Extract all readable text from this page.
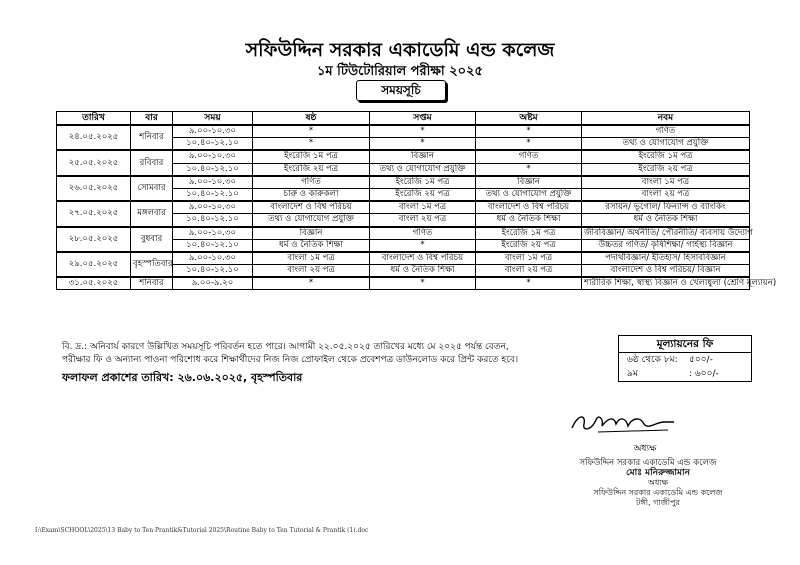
সফিউদ্দিন সরকার একাডেমি এন্ড কলেজ
১ম টিউটোরিয়াল পরীক্ষা ২০২৫
সময়সূচি
তারিখ	বার	সময়	ষষ্ঠ	সপ্তম	অষ্টম	নবম
২৪.০৫.২০২৫	শনিবার	৯.০০-১০.৩০	*	*	*	গণিত
		১০.৪০-১২.১০	*	*	*	তথ্য ও যোগাযোগ প্রযুক্তি
২৫.০৫.২০২৫	রবিবার	৯.০০-১০.৩০	ইংরেজি ১ম পত্র	বিজ্ঞান	গণিত	ইংরেজি ১ম পত্র
		১০.৪০-১২.১০	ইংরেজি ২য় পত্র	তথ্য ও যোগাযোগ প্রযুক্তি	*	ইংরেজি ২য় পত্র
২৬.০৫.২০২৫	সোমবার	৯.০০-১০.৩০	গণিত	ইংরেজি ১ম পত্র	বিজ্ঞান	বাংলা ১ম পত্র
		১০.৪০-১২.১০	চারু ও কারুকলা	ইংরেজি ২য় পত্র	তথ্য ও যোগাযোগ প্রযুক্তি	বাংলা ২য় পত্র
২৭.০৫.২০২৫	মঙ্গলবার	৯.০০-১০.৩০	বাংলাদেশ ও বিশ্ব পরিচয়	বাংলা ১ম পত্র	বাংলাদেশ ও বিশ্ব পরিচয়	রসায়ন/ ভূগোল/ ফিন্যান্স ও ব্যাংকিং
		১০.৪০-১২.১০	তথ্য ও যোগাযোগ প্রযুক্তি	বাংলা ২য় পত্র	ধর্ম ও নৈতিক শিক্ষা	ধর্ম ও নৈতিক শিক্ষা
২৮.০৫.২০২৫	বুধবার	৯.০০-১০.৩০	বিজ্ঞান	গণিত	ইংরেজি ১ম পত্র	জীববিজ্ঞান/ অর্থনীতি/ পৌরনীতি/ ব্যবসায় উদ্যোগ
		১০.৪০-১২.১০	ধর্ম ও নৈতিক শিক্ষা	*	ইংরেজি ২য় পত্র	উচ্চতর গণিত/ কৃষিশিক্ষা/ গার্হস্থ্য বিজ্ঞান
২৯.০৫.২০২৫	বৃহস্পতিবার	৯.০০-১০.৩০	বাংলা ১ম পত্র	বাংলাদেশ ও বিশ্ব পরিচয়	বাংলা ১ম পত্র	পদার্থবিজ্ঞান/ ইতিহাস/ হিসাববিজ্ঞান
		১০.৪০-১২.১০	বাংলা ২য় পত্র	ধর্ম ও নৈতিক শিক্ষা	বাংলা ২য় পত্র	বাংলাদেশ ও বিশ্ব পরিচয়/ বিজ্ঞান
৩১.০৫.২০২৫	শনিবার	৯.০০-৯.২০	*	*	*	শারীরিক শিক্ষা, স্বাস্থ্য বিজ্ঞান ও খেলাধুলা (শ্রেণি মূল্যায়ন)
বি. দ্র.: অনিবার্য কারণে উল্লিখিত সময়সূচি পরিবর্তন হতে পারে। আগামী ২২.০৫.২০২৫ তারিখের মধ্যে মে ২০২৫ পর্যন্ত বেতন,
পরীক্ষার ফি ও অন্যান্য পাওনা পরিশোধ করে শিক্ষার্থীদের নিজ নিজ প্রোফাইল থেকে প্রবেশপত্র ডাউনলোড করে প্রিন্ট করতে হবে।
ফলাফল প্রকাশের তারিখ: ২৬.০৬.২০২৫, বৃহস্পতিবার
মূল্যায়নের ফি
৬ষ্ঠ থেকে ৮ম:	৫০০/-
৯ম	: ৬০০/-
অধ্যক্ষ
সফিউদ্দিন সরকার একাডেমি এন্ড কলেজ
মোঃ মনিরুজ্জামান
অধ্যক্ষ
সফিউদ্দিন সরকার একাডেমি এন্ড কলেজ
টঙ্গী, গাজীপুর
I:\Exam\SCHOOL\2025\13 Baby to Ten Prantik&Tutorial 2025\Routine Baby to Ten Tutorial & Prantik (1).doc
